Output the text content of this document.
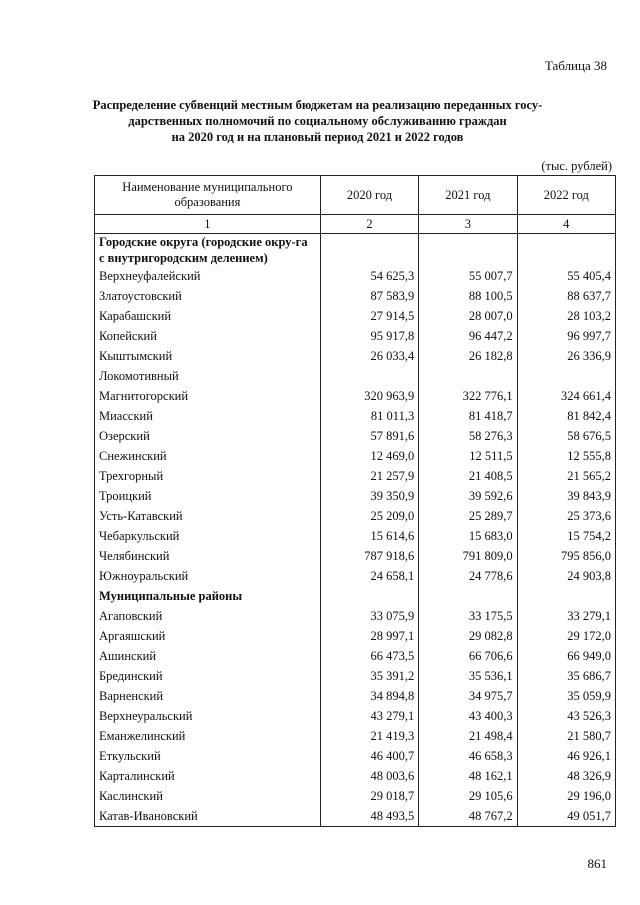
Таблица 38
Распределение субвенций местным бюджетам на реализацию переданных госу-
дарственных полномочий по социальному обслуживанию граждан
на 2020 год и на плановый период 2021 и 2022 годов
(тыс. рублей)
Наименование муниципального образования	2020 год	2021 год	2022 год
1	2	3	4
Городские округа (городские окру-га с внутригородским делением)			
Верхнеуфалейский	54 625,3	55 007,7	55 405,4
Златоустовский	87 583,9	88 100,5	88 637,7
Карабашский	27 914,5	28 007,0	28 103,2
Копейский	95 917,8	96 447,2	96 997,7
Кыштымский	26 033,4	26 182,8	26 336,9
Локомотивный			
Магнитогорский	320 963,9	322 776,1	324 661,4
Миасский	81 011,3	81 418,7	81 842,4
Озерский	57 891,6	58 276,3	58 676,5
Снежинский	12 469,0	12 511,5	12 555,8
Трехгорный	21 257,9	21 408,5	21 565,2
Троицкий	39 350,9	39 592,6	39 843,9
Усть-Катавский	25 209,0	25 289,7	25 373,6
Чебаркульский	15 614,6	15 683,0	15 754,2
Челябинский	787 918,6	791 809,0	795 856,0
Южноуральский	24 658,1	24 778,6	24 903,8
Муниципальные районы			
Агаповский	33 075,9	33 175,5	33 279,1
Аргаяшский	28 997,1	29 082,8	29 172,0
Ашинский	66 473,5	66 706,6	66 949,0
Брединский	35 391,2	35 536,1	35 686,7
Варненский	34 894,8	34 975,7	35 059,9
Верхнеуральский	43 279,1	43 400,3	43 526,3
Еманжелинский	21 419,3	21 498,4	21 580,7
Еткульский	46 400,7	46 658,3	46 926,1
Карталинский	48 003,6	48 162,1	48 326,9
Каслинский	29 018,7	29 105,6	29 196,0
Катав-Ивановский	48 493,5	48 767,2	49 051,7
861
